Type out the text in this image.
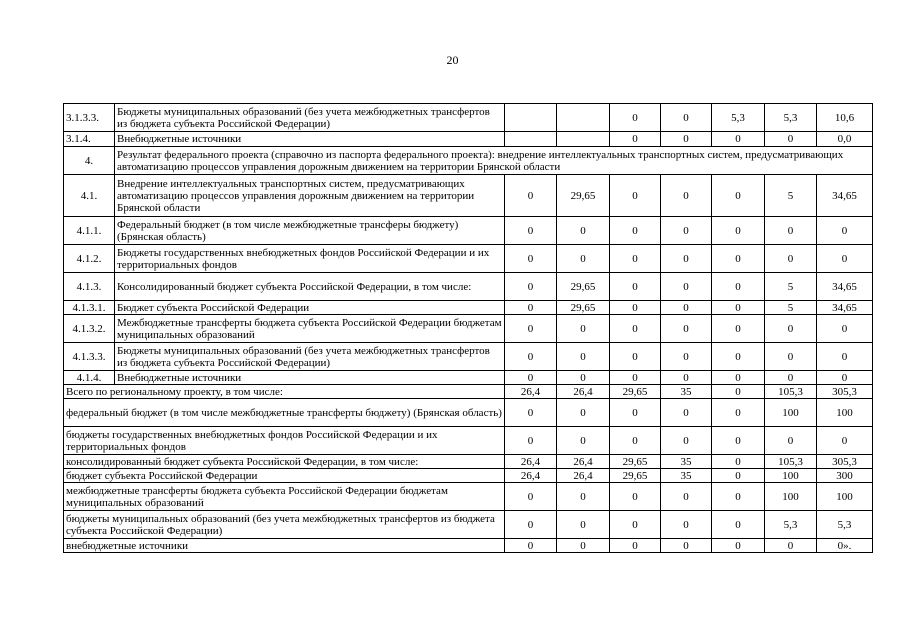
20
3.1.3.3.	Бюджеты муниципальных образований (без учета межбюджетных трансфертов из бюджета субъекта Российской Федерации)			0	0	5,3	5,3	10,6
3.1.4.	Внебюджетные источники			0	0	0	0	0,0
4.	Результат федерального проекта (справочно из паспорта федерального проекта): внедрение интеллектуальных транспортных систем, предусматривающих автоматизацию процессов управления дорожным движением на территории Брянской области							
4.1.	Внедрение интеллектуальных транспортных систем, предусматривающих автоматизацию процессов управления дорожным движением на территории Брянской области	0	29,65	0	0	0	5	34,65
4.1.1.	Федеральный бюджет (в том числе межбюджетные трансферы бюджету) (Брянская область)	0	0	0	0	0	0	0
4.1.2.	Бюджеты государственных внебюджетных фондов Российской Федерации и их территориальных фондов	0	0	0	0	0	0	0
4.1.3.	Консолидированный бюджет субъекта Российской Федерации, в том числе:	0	29,65	0	0	0	5	34,65
4.1.3.1.	Бюджет субъекта Российской Федерации	0	29,65	0	0	0	5	34,65
4.1.3.2.	Межбюджетные трансферты бюджета субъекта Российской Федерации бюджетам муниципальных образований	0	0	0	0	0	0	0
4.1.3.3.	Бюджеты муниципальных образований (без учета межбюджетных трансфертов из бюджета субъекта Российской Федерации)	0	0	0	0	0	0	0
4.1.4.	Внебюджетные источники	0	0	0	0	0	0	0
Всего по региональному проекту, в том числе:		26,4	26,4	29,65	35	0	105,3	305,3
федеральный бюджет (в том числе межбюджетные трансферты бюджету) (Брянская область)		0	0	0	0	0	100	100
бюджеты государственных внебюджетных фондов Российской Федерации и их территориальных фондов		0	0	0	0	0	0	0
консолидированный бюджет субъекта Российской Федерации, в том числе:		26,4	26,4	29,65	35	0	105,3	305,3
бюджет субъекта Российской Федерации		26,4	26,4	29,65	35	0	100	300
межбюджетные трансферты бюджета субъекта Российской Федерации бюджетам муниципальных образований		0	0	0	0	0	100	100
бюджеты муниципальных образований (без учета межбюджетных трансфертов из бюджета субъекта Российской Федерации)		0	0	0	0	0	5,3	5,3
внебюджетные источники		0	0	0	0	0	0	0».
